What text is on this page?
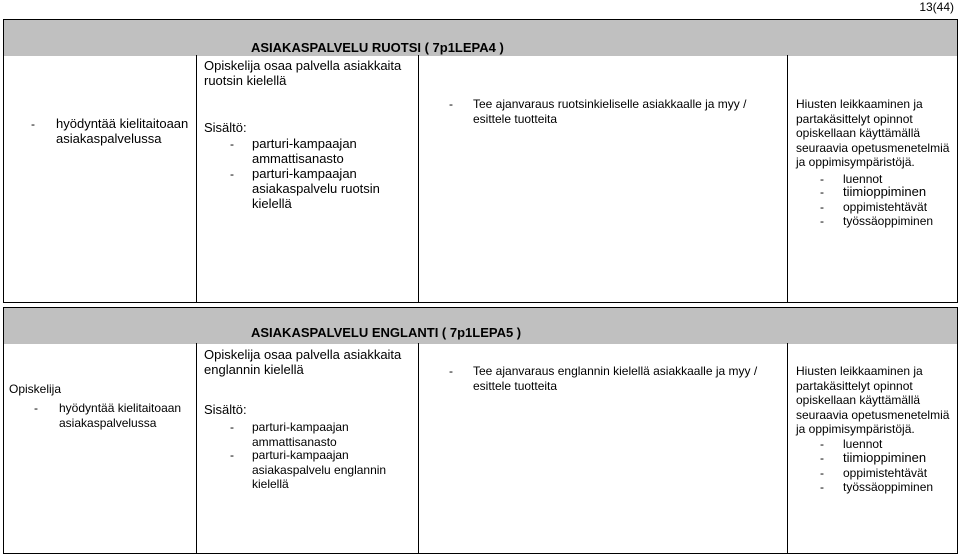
13(44)
ASIAKASPALVELU RUOTSI ( 7p1LEPA4 )
- hyödyntää kielitaitoaan asiakaspalvelussa
Opiskelija osaa palvella asiakkaita ruotsin kielellä
Sisältö:
- parturi-kampaajan ammattisanasto
- parturi-kampaajan asiakaspalvelu ruotsin kielellä
- Tee ajanvaraus ruotsinkieliselle asiakkaalle ja myy / esittele tuotteita
Hiusten leikkaaminen ja partakäsittelyt opinnot opiskellaan käyttämällä seuraavia opetusmenetelmiä ja oppimisympäristöjä.
- luennot
- tiimioppiminen
- oppimistehtävät
- työssäoppiminen
ASIAKASPALVELU ENGLANTI ( 7p1LEPA5 )
Opiskelija
- hyödyntää kielitaitoaan asiakaspalvelussa
Opiskelija osaa palvella asiakkaita englannin kielellä
Sisältö:
- parturi-kampaajan ammattisanasto
- parturi-kampaajan asiakaspalvelu englannin kielellä
- Tee ajanvaraus englannin kielellä asiakkaalle ja myy / esittele tuotteita
Hiusten leikkaaminen ja partakäsittelyt opinnot opiskellaan käyttämällä seuraavia opetusmenetelmiä ja oppimisympäristöjä.
- luennot
- tiimioppiminen
- oppimistehtävät
- työssäoppiminen
